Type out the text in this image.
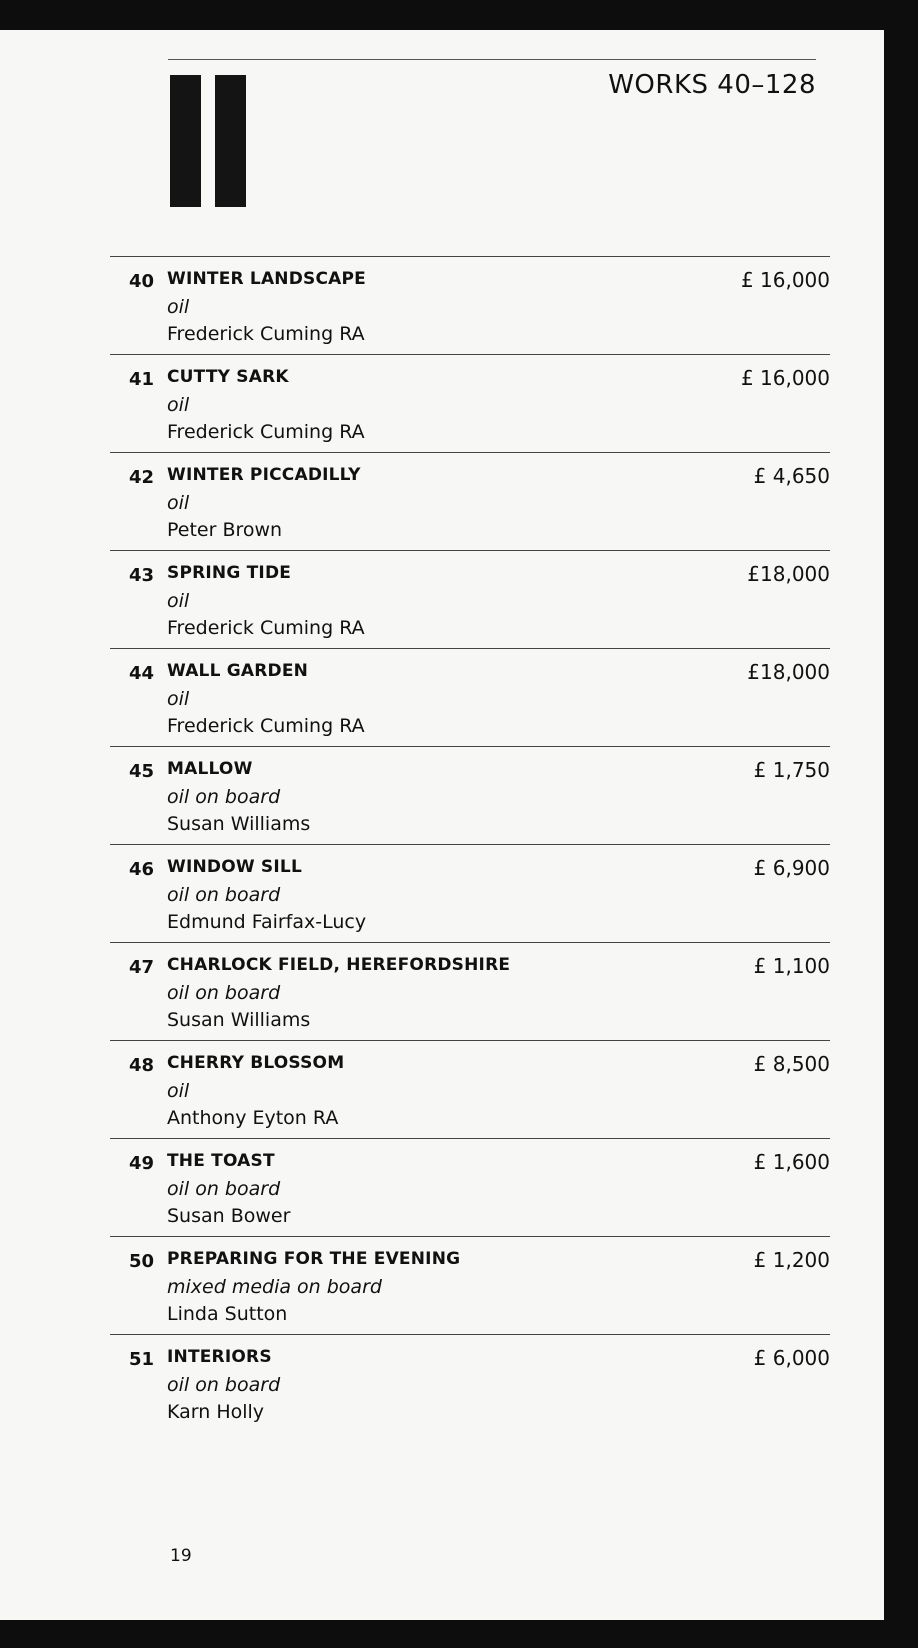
WORKS 40–128
40 WINTER LANDSCAPE
oil
Frederick Cuming RA
£ 16,000
41 CUTTY SARK
oil
Frederick Cuming RA
£ 16,000
42 WINTER PICCADILLY
oil
Peter Brown
£ 4,650
43 SPRING TIDE
oil
Frederick Cuming RA
£18,000
44 WALL GARDEN
oil
Frederick Cuming RA
£18,000
45 MALLOW
oil on board
Susan Williams
£ 1,750
46 WINDOW SILL
oil on board
Edmund Fairfax-Lucy
£ 6,900
47 CHARLOCK FIELD, HEREFORDSHIRE
oil on board
Susan Williams
£ 1,100
48 CHERRY BLOSSOM
oil
Anthony Eyton RA
£ 8,500
49 THE TOAST
oil on board
Susan Bower
£ 1,600
50 PREPARING FOR THE EVENING
mixed media on board
Linda Sutton
£ 1,200
51 INTERIORS
oil on board
Karn Holly
£ 6,000
19
